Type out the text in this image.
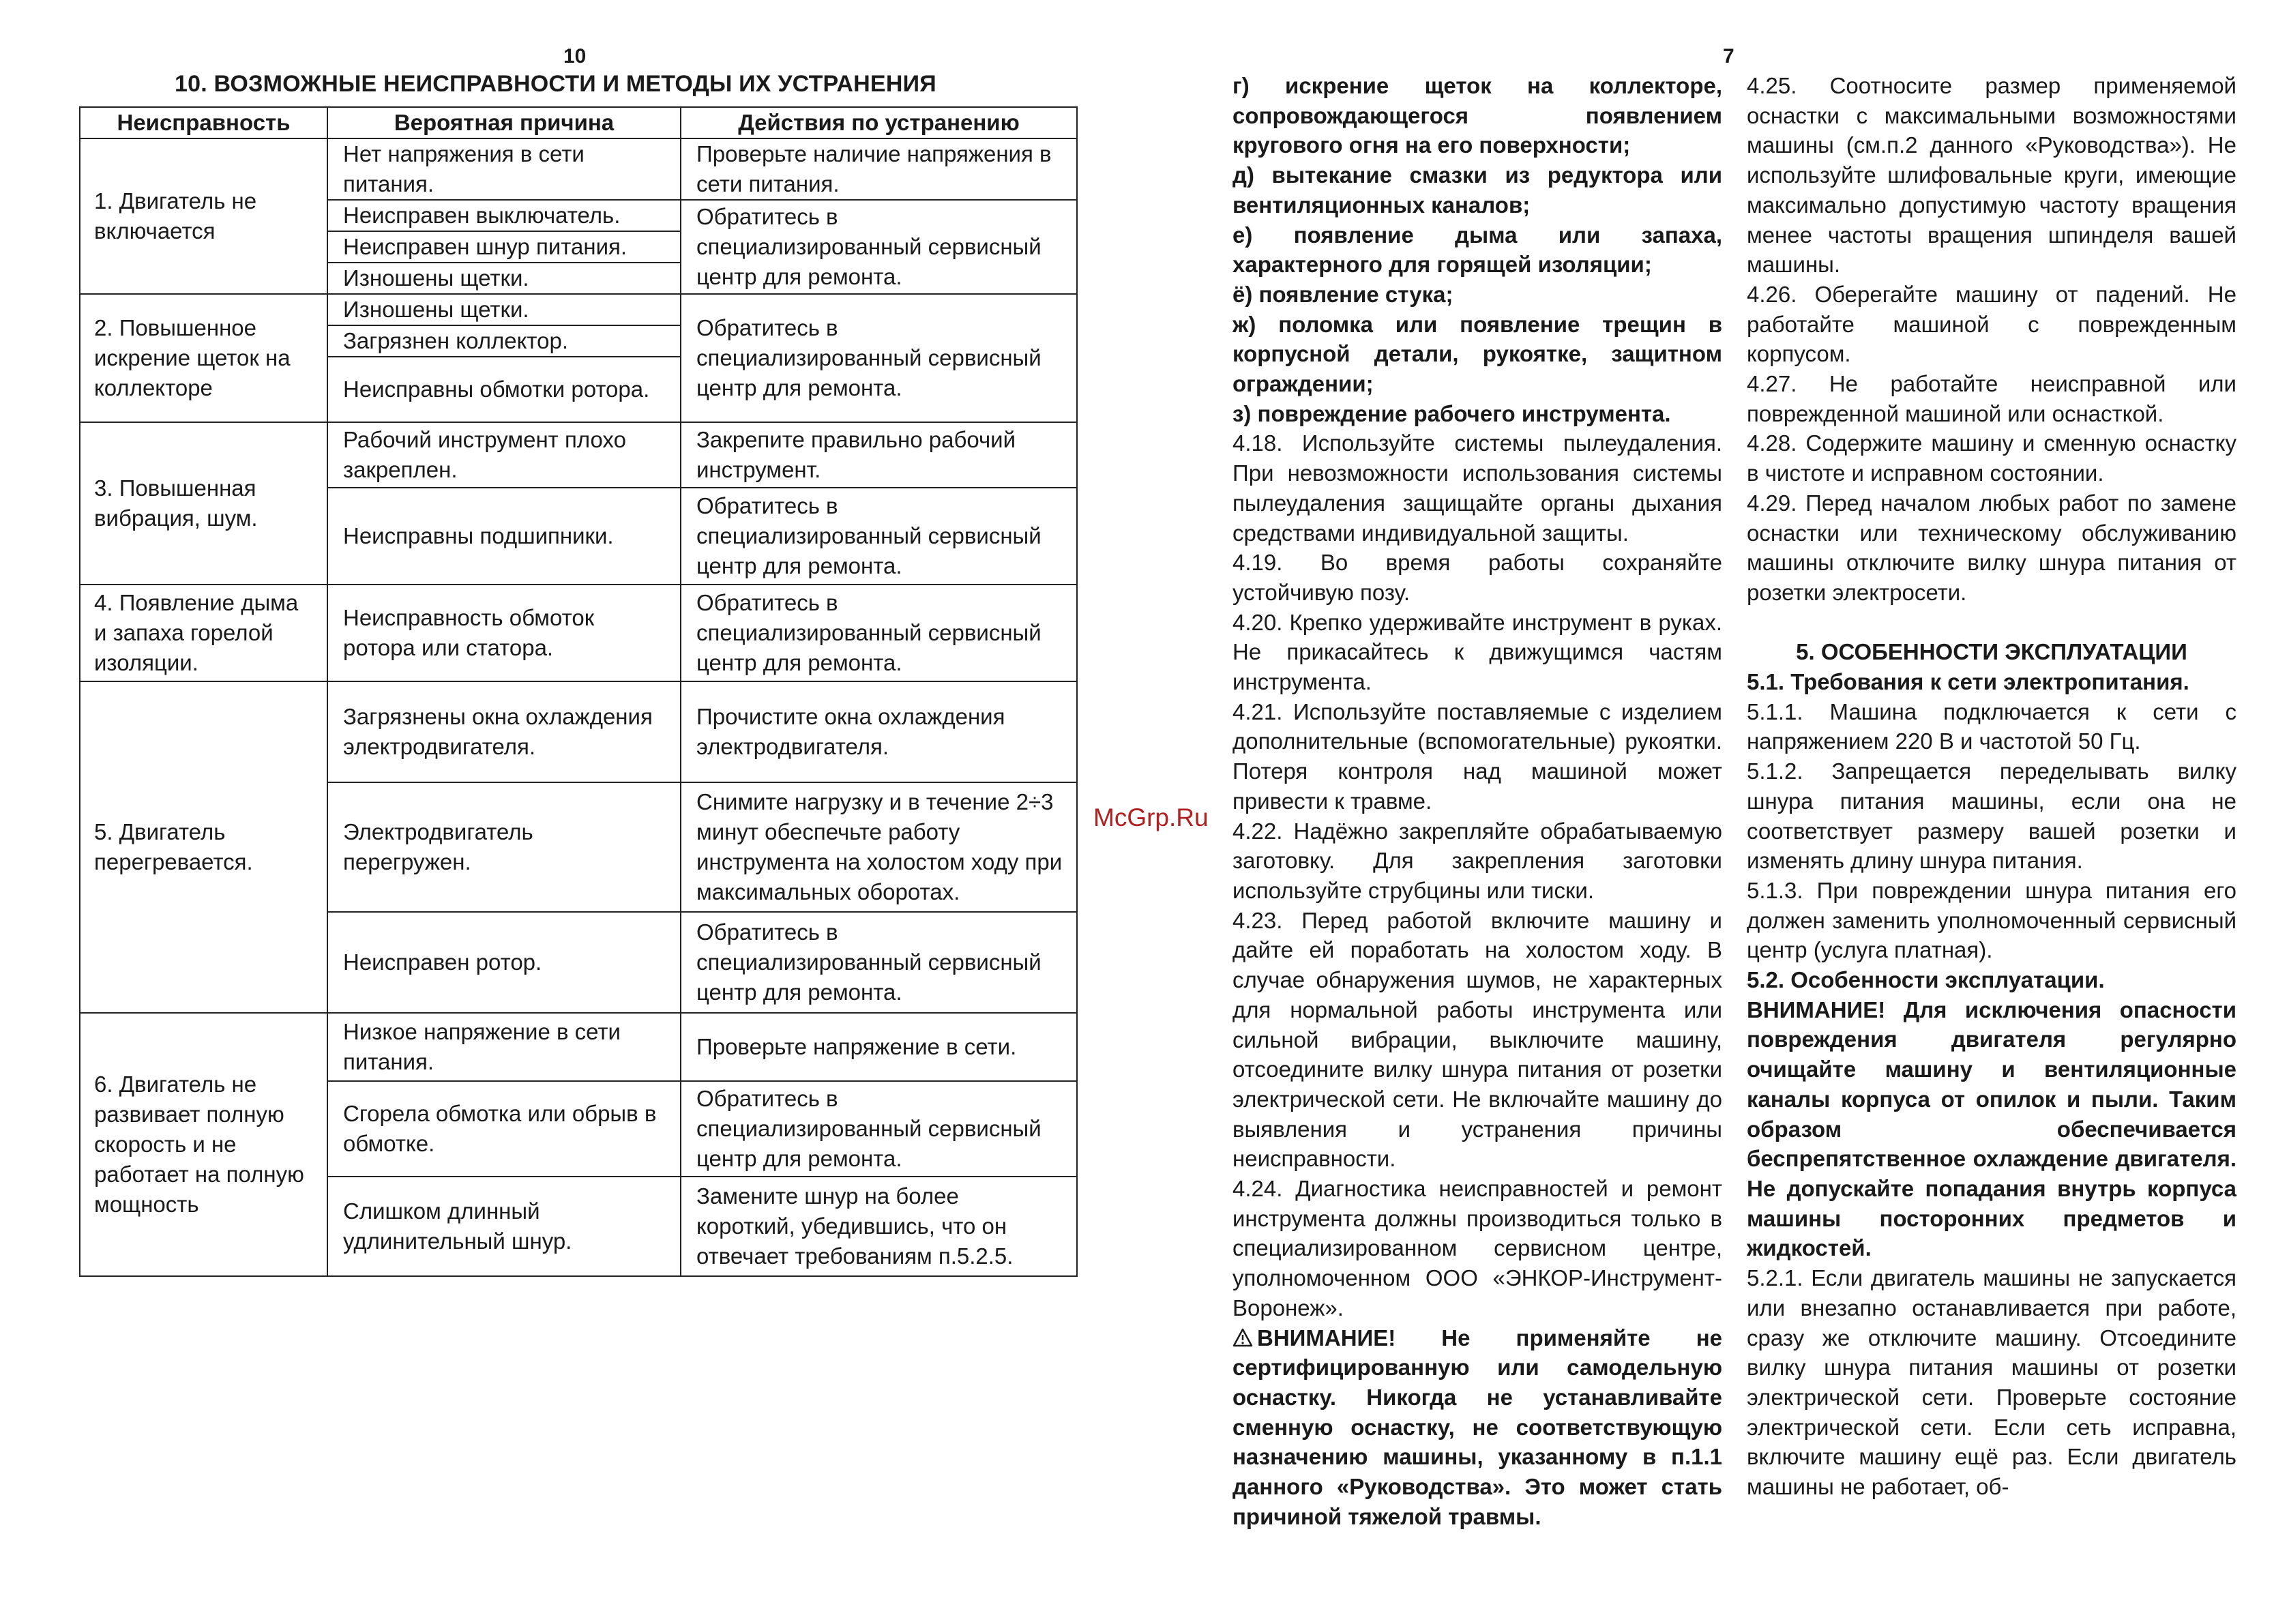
10
10. ВОЗМОЖНЫЕ НЕИСПРАВНОСТИ И МЕТОДЫ ИХ УСТРАНЕНИЯ
Неисправность	Вероятная причина	Действия по устранению
1. Двигатель не включается	Нет напряжения в сети питания.	Проверьте наличие напряжения в сети питания.
	Неисправен выключатель.	Обратитесь в специализированный сервисный центр для ремонта.
	Неисправен шнур питания.	
	Изношены щетки.	
2. Повышенное искрение щеток на коллекторе	Изношены щетки.	Обратитесь в специализированный сервисный центр для ремонта.
	Загрязнен коллектор.	
	Неисправны обмотки ротора.	
3. Повышенная вибрация, шум.	Рабочий инструмент плохо закреплен.	Закрепите правильно рабочий инструмент.
	Неисправны подшипники.	Обратитесь в специализированный сервисный центр для ремонта.
4. Появление дыма и запаха горелой изоляции.	Неисправность обмоток ротора или статора.	Обратитесь в специализированный сервисный центр для ремонта.
5. Двигатель перегревается.	Загрязнены окна охлаждения электродвигателя.	Прочистите окна охлаждения электродвигателя.
	Электродвигатель перегружен.	Снимите нагрузку и в течение 2÷3 минут обеспечьте работу инструмента на холостом ходу при максимальных оборотах.
	Неисправен ротор.	Обратитесь в специализированный сервисный центр для ремонта.
6. Двигатель не развивает полную скорость и не работает на полную мощность	Низкое напряжение в сети питания.	Проверьте напряжение в сети.
	Сгорела обмотка или обрыв в обмотке.	Обратитесь в специализированный сервисный центр для ремонта.
	Слишком длинный удлинительный шнур.	Замените шнур на более короткий, убедившись, что он отвечает требованиям п.5.2.5.
McGrp.Ru
7

г) искрение щеток на коллекторе, сопровождающегося появлением кругового огня на его поверхности;

д) вытекание смазки из редуктора или вентиляционных каналов;

е) появление дыма или запаха, характерного для горящей изоляции;

ё) появление стука;

ж) поломка или появление трещин в корпусной детали, рукоятке, защитном ограждении;

з) повреждение рабочего инструмента.

4.18. Используйте системы пылеудаления. При невозможности использования системы пылеудаления защищайте органы дыхания средствами индивидуальной защиты.

4.19. Во время работы сохраняйте устойчивую позу.

4.20. Крепко удерживайте инструмент в руках. Не прикасайтесь к движущимся частям инструмента.

4.21. Используйте поставляемые с изделием дополнительные (вспомогательные) рукоятки. Потеря контроля над машиной может привести к травме.

4.22. Надёжно закрепляйте обрабатываемую заготовку. Для закрепления заготовки используйте струбцины или тиски.

4.23. Перед работой включите машину и дайте ей поработать на холостом ходу. В случае обнаружения шумов, не характерных для нормальной работы инструмента или сильной вибрации, выключите машину, отсоедините вилку шнура питания от розетки электрической сети. Не включайте машину до выявления и устранения причины неисправности.

4.24. Диагностика неисправностей и ремонт инструмента должны производиться только в специализированном сервисном центре, уполномоченном ООО «ЭНКОР-Инструмент-Воронеж».

ВНИМАНИЕ! Не применяйте не сертифицированную или самодельную оснастку. Никогда не устанавливайте сменную оснастку, не соответствующую назначению машины, указанному в п.1.1 данного «Руководства». Это может стать причиной тяжелой травмы.

4.25. Соотносите размер применяемой оснастки с максимальными возможностями машины (см.п.2 данного «Руководства»). Не используйте шлифовальные круги, имеющие максимально допустимую частоту вращения менее частоты вращения шпинделя вашей машины.

4.26. Оберегайте машину от падений. Не работайте машиной с поврежденным корпусом.

4.27. Не работайте неисправной или поврежденной машиной или оснасткой.

4.28. Содержите машину и сменную оснастку в чистоте и исправном состоянии.

4.29. Перед началом любых работ по замене оснастки или техническому обслуживанию машины отключите вилку шнура питания от розетки электросети.

5. ОСОБЕННОСТИ ЭКСПЛУАТАЦИИ

5.1. Требования к сети электропитания.

5.1.1. Машина подключается к сети с напряжением 220 В и частотой 50 Гц.

5.1.2. Запрещается переделывать вилку шнура питания машины, если она не соответствует размеру вашей розетки и изменять длину шнура питания.

5.1.3. При повреждении шнура питания его должен заменить уполномоченный сервисный центр (услуга платная).

5.2. Особенности эксплуатации.

ВНИМАНИЕ! Для исключения опасности повреждения двигателя регулярно очищайте машину и вентиляционные каналы корпуса от опилок и пыли. Таким образом обеспечивается беспрепятственное охлаждение двигателя. Не допускайте попадания внутрь корпуса машины посторонних предметов и жидкостей.

5.2.1. Если двигатель машины не запускается или внезапно останавливается при работе, сразу же отключите машину. Отсоедините вилку шнура питания машины от розетки электрической сети. Проверьте состояние электрической сети. Если сеть исправна, включите машину ещё раз. Если двигатель машины не работает, об-
